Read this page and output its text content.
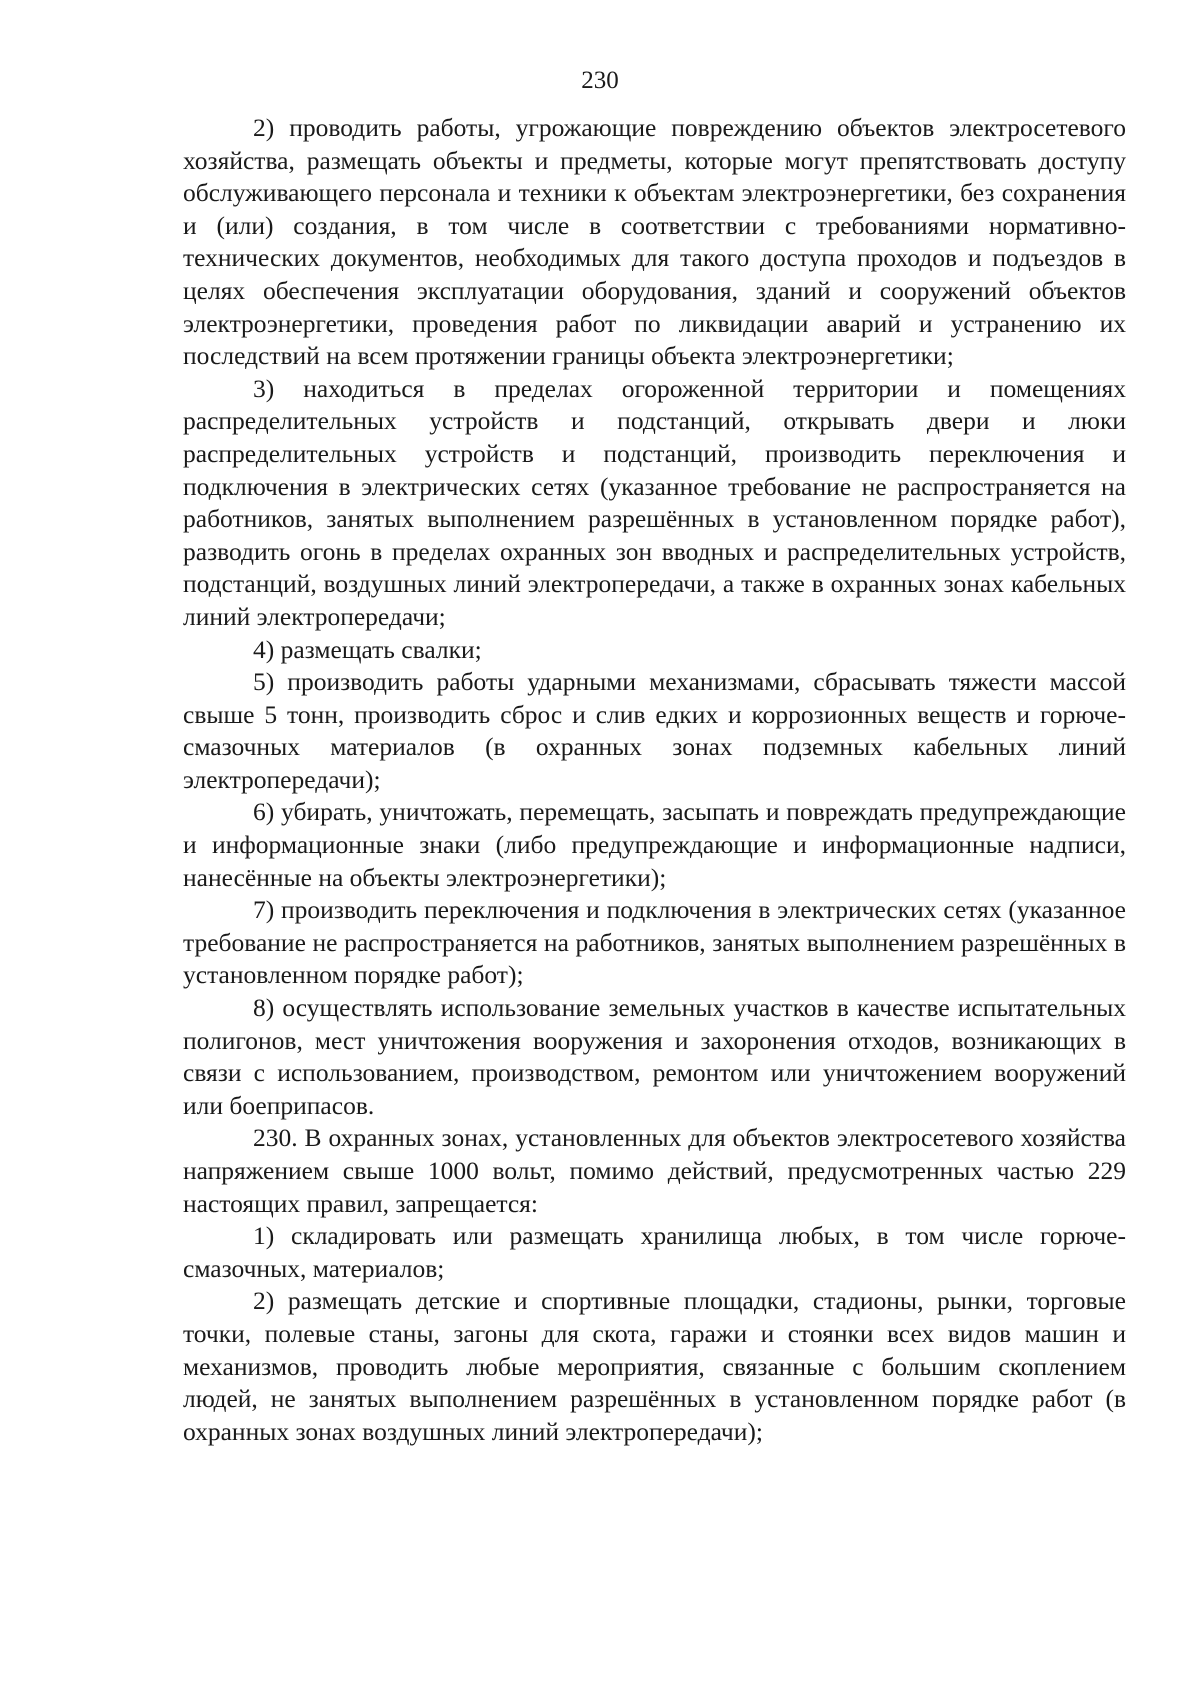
230

2) проводить работы, угрожающие повреждению объектов электросетевого хозяйства, размещать объекты и предметы, которые могут препятствовать доступу обслуживающего персонала и техники к объектам электроэнергетики, без сохранения и (или) создания, в том числе в соответствии с требованиями нормативно-технических документов, необходимых для такого доступа проходов и подъездов в целях обеспечения эксплуатации оборудования, зданий и сооружений объектов электроэнергетики, проведения работ по ликвидации аварий и устранению их последствий на всем протяжении границы объекта электроэнергетики;

3) находиться в пределах огороженной территории и помещениях распределительных устройств и подстанций, открывать двери и люки распределительных устройств и подстанций, производить переключения и подключения в электрических сетях (указанное требование не распространяется на работников, занятых выполнением разрешённых в установленном порядке работ), разводить огонь в пределах охранных зон вводных и распределительных устройств, подстанций, воздушных линий электропередачи, а также в охранных зонах кабельных линий электропередачи;

4) размещать свалки;

5) производить работы ударными механизмами, сбрасывать тяжести массой свыше 5 тонн, производить сброс и слив едких и коррозионных веществ и горюче-смазочных материалов (в охранных зонах подземных кабельных линий электропередачи);

6) убирать, уничтожать, перемещать, засыпать и повреждать предупреждающие и информационные знаки (либо предупреждающие и информационные надписи, нанесённые на объекты электроэнергетики);

7) производить переключения и подключения в электрических сетях (указанное требование не распространяется на работников, занятых выполнением разрешённых в установленном порядке работ);

8) осуществлять использование земельных участков в качестве испытательных полигонов, мест уничтожения вооружения и захоронения отходов, возникающих в связи с использованием, производством, ремонтом или уничтожением вооружений или боеприпасов.

230. В охранных зонах, установленных для объектов электросетевого хозяйства напряжением свыше 1000 вольт, помимо действий, предусмотренных частью 229 настоящих правил, запрещается:

1) складировать или размещать хранилища любых, в том числе горюче-смазочных, материалов;

2) размещать детские и спортивные площадки, стадионы, рынки, торговые точки, полевые станы, загоны для скота, гаражи и стоянки всех видов машин и механизмов, проводить любые мероприятия, связанные с большим скоплением людей, не занятых выполнением разрешённых в установленном порядке работ (в охранных зонах воздушных линий электропередачи);
